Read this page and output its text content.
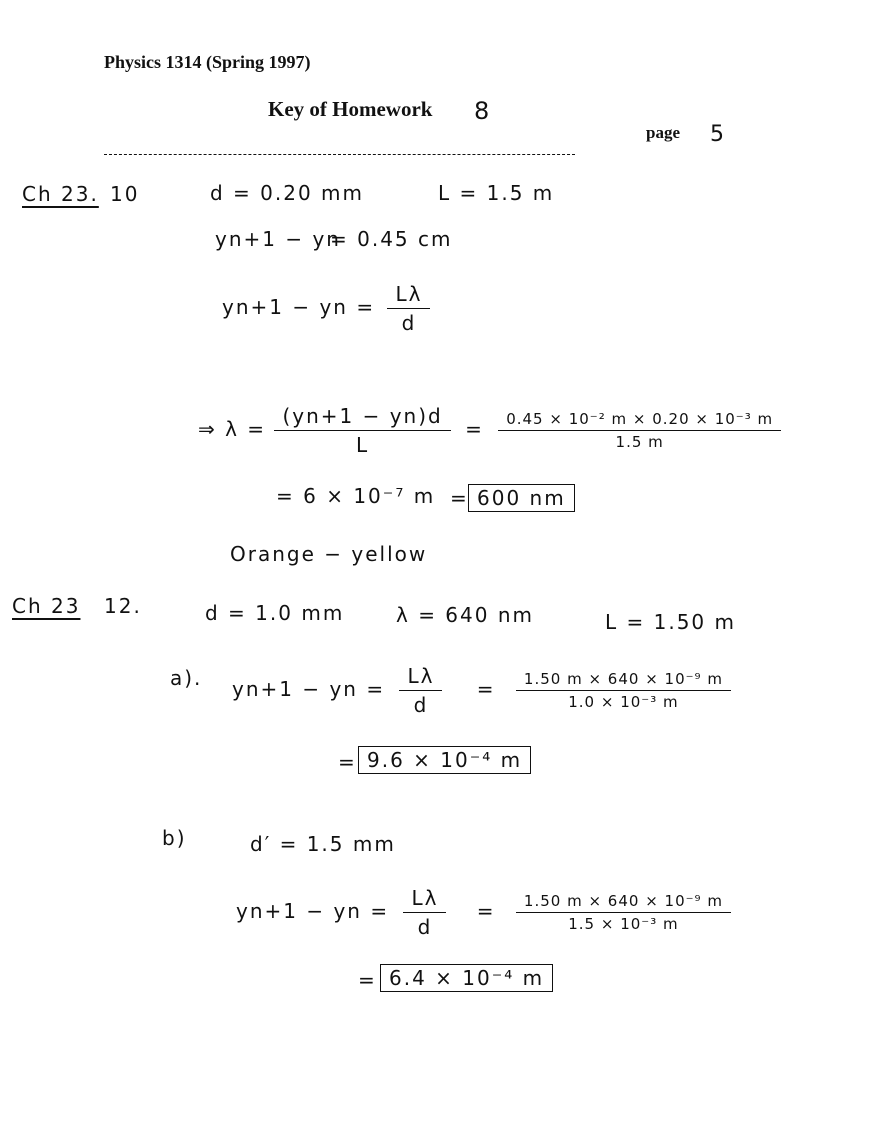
Physics 1314 (Spring 1997)
Key of Homework 8
page 5
Ch 23. 10	d = 0.20 mm	L = 1.5 m
yn+1 − yn
= 0.45 cm
yn+1 − yn = $\frac{L\lambda}{d}$
⇒ $\lambda = \frac{(yn+1 - yn)d}{L} = \frac{\text{0.45 × 10⁻² m × 0.20 × 10⁻³ m}}{1.5 m}$
= 6 × 10⁻⁷ m = 600 nm
Orange − yellow
Ch 23 12.	d = 1.0 mm	λ = 640 nm	L = 1.50 m
a). yn+1 − yn = $\frac{L\lambda}{d} = \frac{\text{1.50 m × 640 × 10⁻⁹ m}}{\text{1.0 × 10⁻³ m}}$
= 9.6 × 10⁻⁴ m
b)	d′ = 1.5 mm
yn+1 − yn = $\frac{L\lambda}{d} = \frac{\text{1.50 m × 640 × 10⁻⁹ m}}{\text{1.5 × 10⁻³ m}}$
= 6.4 × 10⁻⁴ m
